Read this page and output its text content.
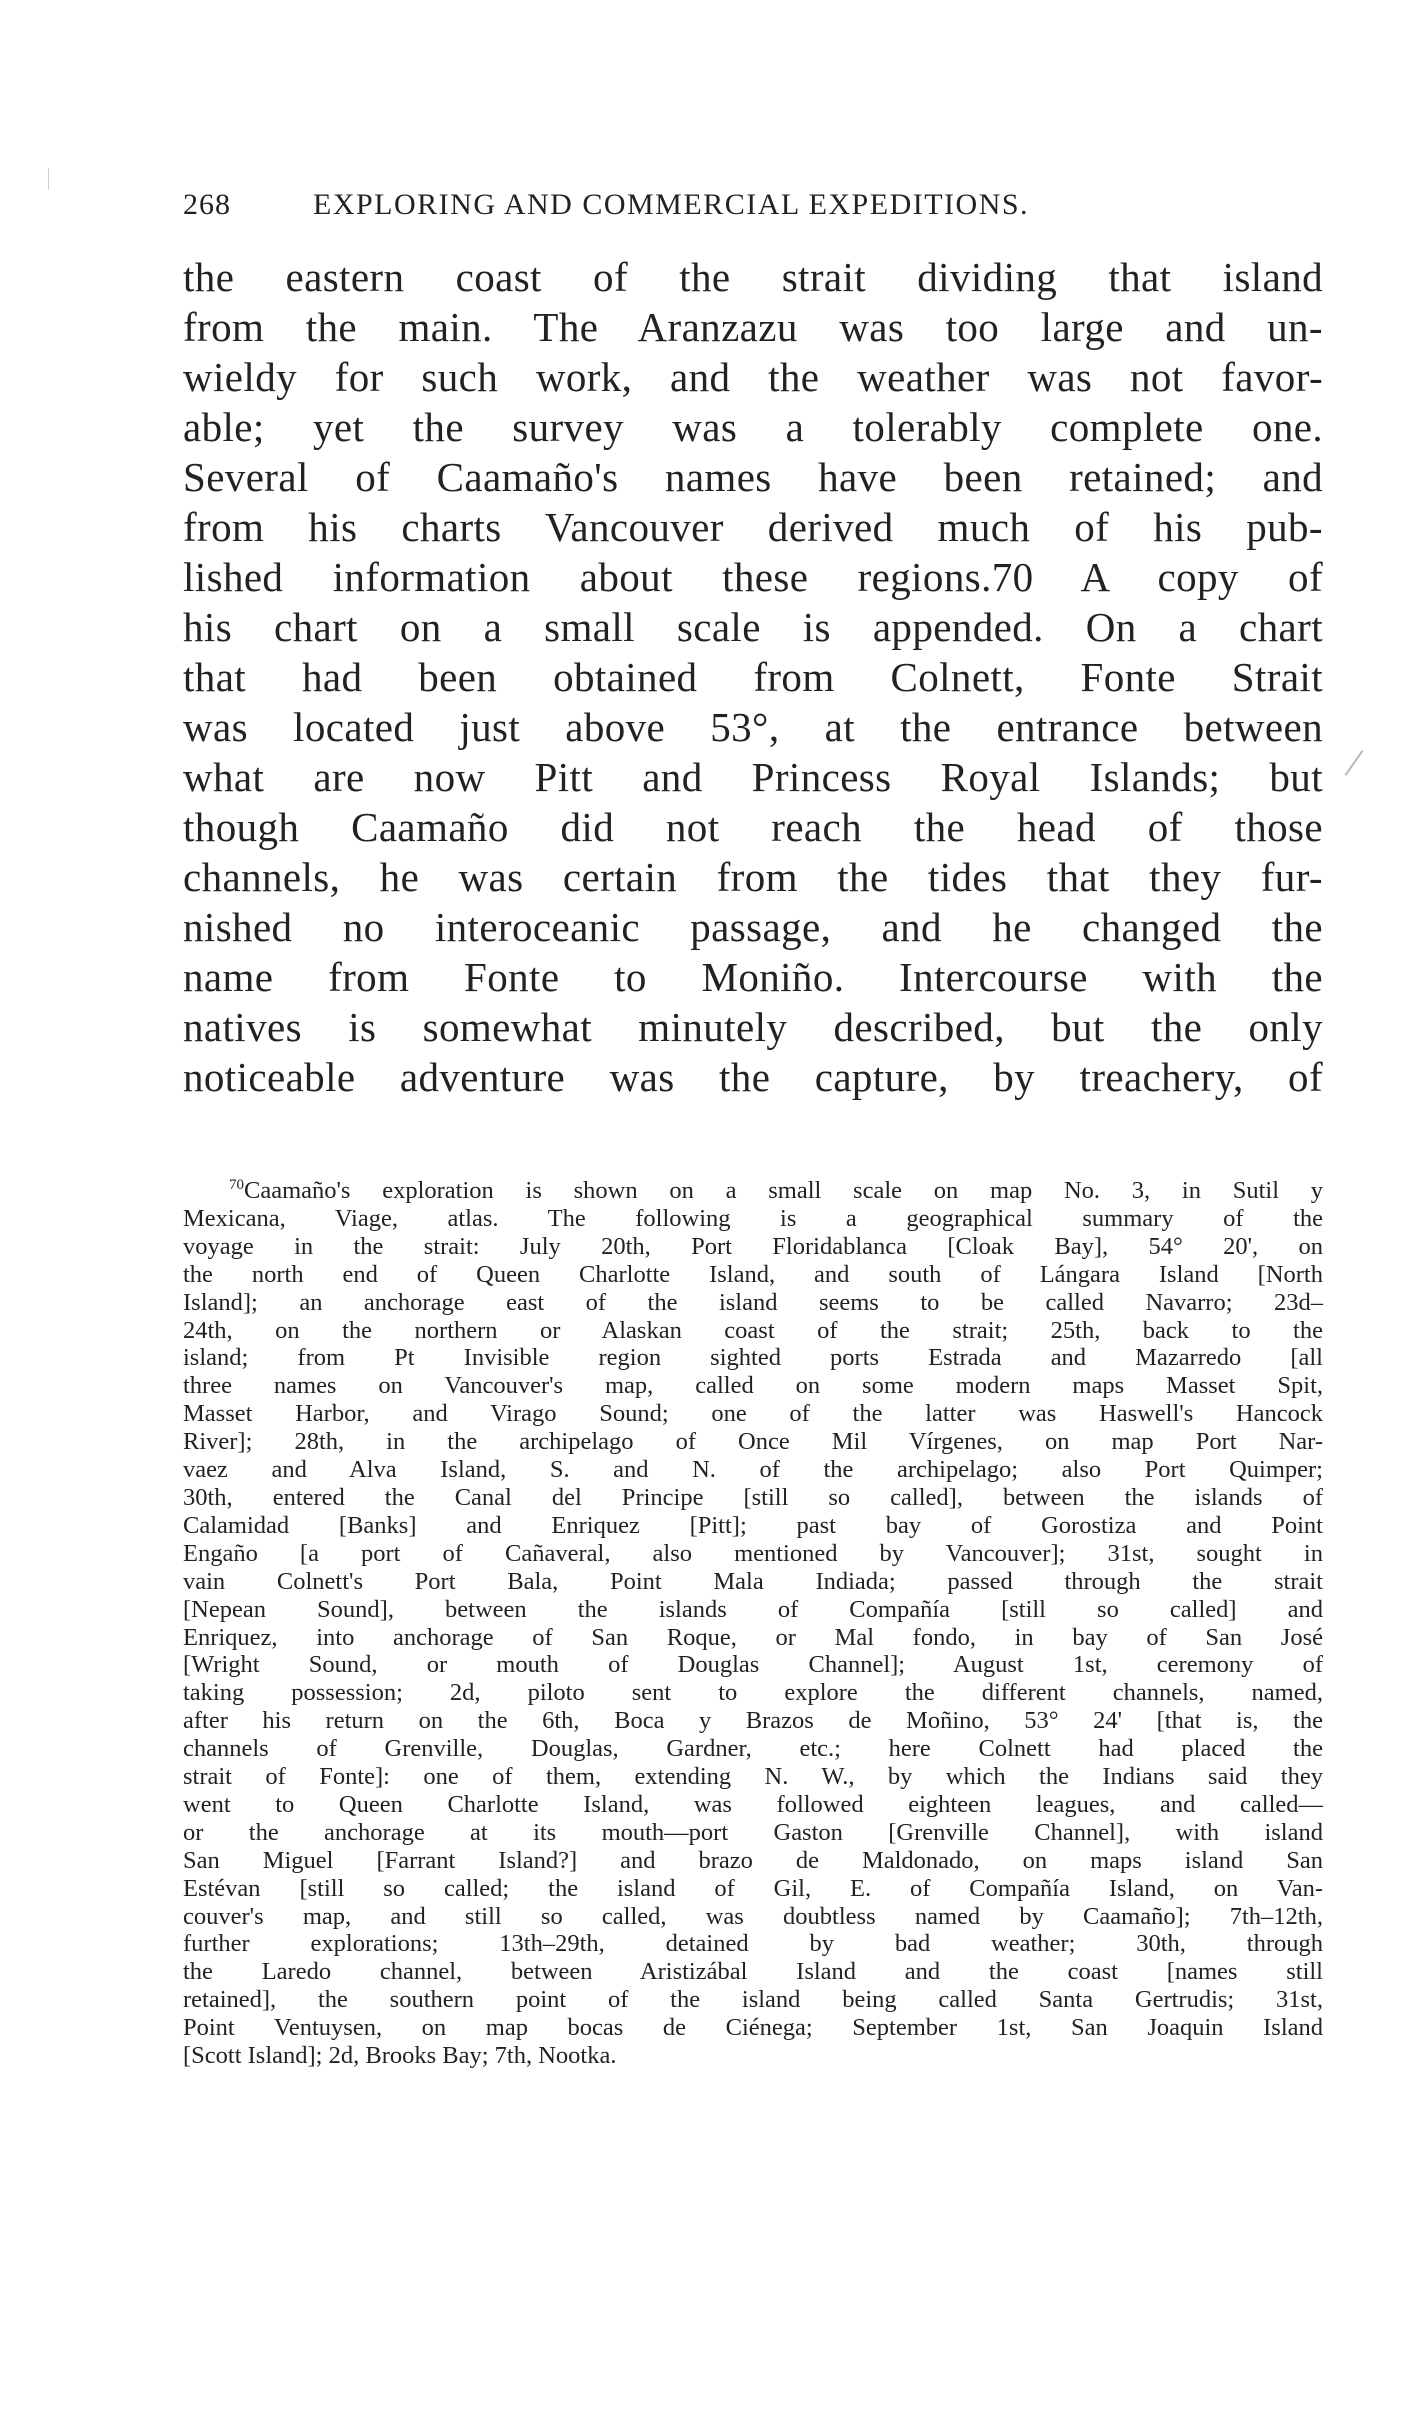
268	EXPLORING AND COMMERCIAL EXPEDITIONS.
the eastern coast of the strait dividing that island
from the main. The Aranzazu was too large and un-
wieldy for such work, and the weather was not favor-
able; yet the survey was a tolerably complete one.
Several of Caamaño's names have been retained; and
from his charts Vancouver derived much of his pub-
lished information about these regions.70 A copy of
his chart on a small scale is appended. On a chart
that had been obtained from Colnett, Fonte Strait
was located just above 53°, at the entrance between
what are now Pitt and Princess Royal Islands; but
though Caamaño did not reach the head of those
channels, he was certain from the tides that they fur-
nished no interoceanic passage, and he changed the
name from Fonte to Moniño. Intercourse with the
natives is somewhat minutely described, but the only
noticeable adventure was the capture, by treachery, of
$^{70}$Caamaño's exploration is shown on a small scale on map No. 3, in Sutil y
Mexicana, Viage, atlas. The following is a geographical summary of the
voyage in the strait: July 20th, Port Floridablanca [Cloak Bay], 54° 20', on
the north end of Queen Charlotte Island, and south of Lángara Island [North
Island]; an anchorage east of the island seems to be called Navarro; 23d–
24th, on the northern or Alaskan coast of the strait; 25th, back to the
island; from Pt Invisible region sighted ports Estrada and Mazarredo [all
three names on Vancouver's map, called on some modern maps Masset Spit,
Masset Harbor, and Virago Sound; one of the latter was Haswell's Hancock
River]; 28th, in the archipelago of Once Mil Vírgenes, on map Port Nar-
vaez and Alva Island, S. and N. of the archipelago; also Port Quimper;
30th, entered the Canal del Principe [still so called], between the islands of
Calamidad [Banks] and Enriquez [Pitt]; past bay of Gorostiza and Point
Engaño [a port of Cañaveral, also mentioned by Vancouver]; 31st, sought in
vain Colnett's Port Bala, Point Mala Indiada; passed through the strait
[Nepean Sound], between the islands of Compañía [still so called] and
Enriquez, into anchorage of San Roque, or Mal fondo, in bay of San José
[Wright Sound, or mouth of Douglas Channel]; August 1st, ceremony of
taking possession; 2d, piloto sent to explore the different channels, named,
after his return on the 6th, Boca y Brazos de Moñino, 53° 24' [that is, the
channels of Grenville, Douglas, Gardner, etc.; here Colnett had placed the
strait of Fonte]: one of them, extending N. W., by which the Indians said they
went to Queen Charlotte Island, was followed eighteen leagues, and called—
or the anchorage at its mouth—port Gaston [Grenville Channel], with island
San Miguel [Farrant Island?] and brazo de Maldonado, on maps island San
Estévan [still so called; the island of Gil, E. of Compañía Island, on Van-
couver's map, and still so called, was doubtless named by Caamaño]; 7th–12th,
further explorations; 13th–29th, detained by bad weather; 30th, through
the Laredo channel, between Aristizábal Island and the coast [names still
retained], the southern point of the island being called Santa Gertrudis; 31st,
Point Ventuysen, on map bocas de Ciénega; September 1st, San Joaquin Island
[Scott Island]; 2d, Brooks Bay; 7th, Nootka.
